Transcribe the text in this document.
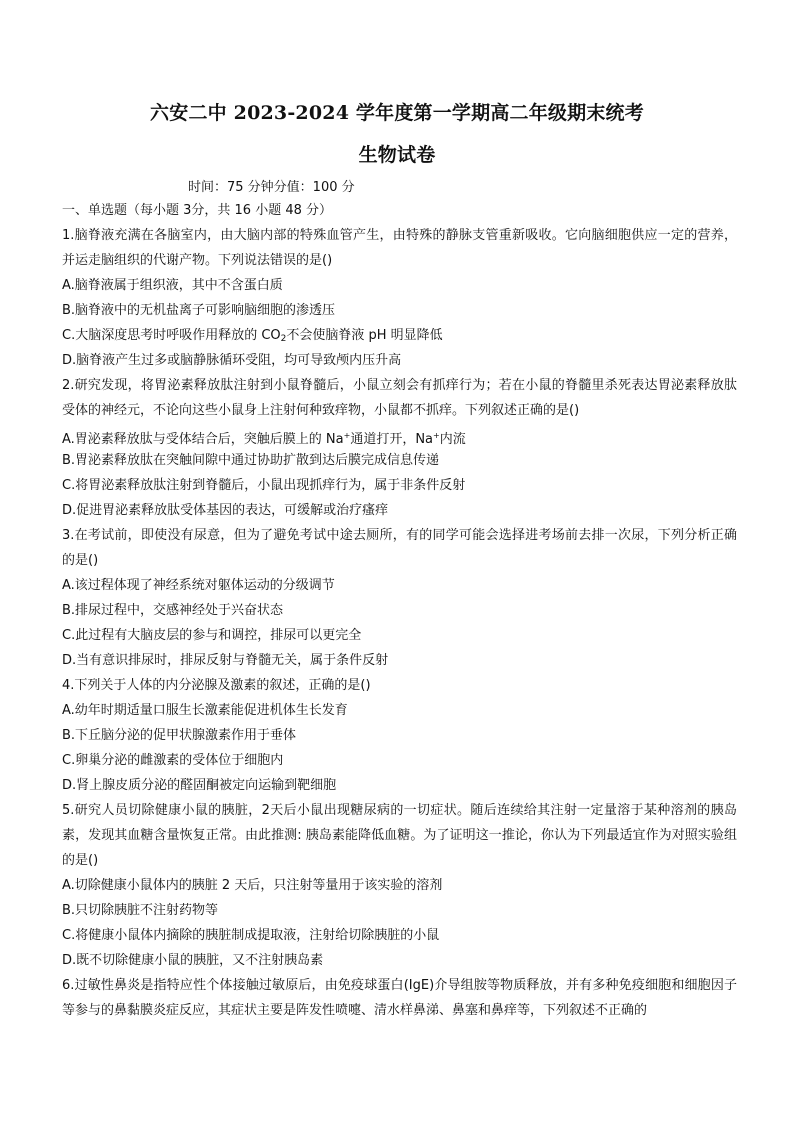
六安二中 2023-2024 学年度第一学期高二年级期末统考
生物试卷
时间：75 分钟分值：100 分
一、单选题（每小题 3分，共 16 小题 48 分）
1.脑脊液充满在各脑室内，由大脑内部的特殊血管产生，由特殊的静脉支管重新吸收。它向脑细胞供应一定的营养，并运走脑组织的代谢产物。下列说法错误的是()
A.脑脊液属于组织液，其中不含蛋白质
B.脑脊液中的无机盐离子可影响脑细胞的渗透压
C.大脑深度思考时呼吸作用释放的 $CO_2$不会使脑脊液 pH 明显降低
D.脑脊液产生过多或脑静脉循环受阻，均可导致颅内压升高
2.研究发现，将胃泌素释放肽注射到小鼠脊髓后，小鼠立刻会有抓痒行为；若在小鼠的脊髓里杀死表达胃泌素释放肽受体的神经元，不论向这些小鼠身上注射何种致痒物，小鼠都不抓痒。下列叙述正确的是()
A.胃泌素释放肽与受体结合后，突触后膜上的 Na+通道打开，Na+内流
B.胃泌素释放肽在突触间隙中通过协助扩散到达后膜完成信息传递
C.将胃泌素释放肽注射到脊髓后，小鼠出现抓痒行为，属于非条件反射
D.促进胃泌素释放肽受体基因的表达，可缓解或治疗瘙痒
3.在考试前，即使没有尿意，但为了避免考试中途去厕所，有的同学可能会选择进考场前去排一次尿，下列分析正确的是()
A.该过程体现了神经系统对躯体运动的分级调节
B.排尿过程中，交感神经处于兴奋状态
C.此过程有大脑皮层的参与和调控，排尿可以更完全
D.当有意识排尿时，排尿反射与脊髓无关，属于条件反射
4.下列关于人体的内分泌腺及激素的叙述，正确的是()
A.幼年时期适量口服生长激素能促进机体生长发育
B.下丘脑分泌的促甲状腺激素作用于垂体
C.卵巢分泌的雌激素的受体位于细胞内
D.肾上腺皮质分泌的醛固酮被定向运输到靶细胞
5.研究人员切除健康小鼠的胰脏，2天后小鼠出现糖尿病的一切症状。随后连续给其注射一定量溶于某种溶剂的胰岛素，发现其血糖含量恢复正常。由此推测: 胰岛素能降低血糖。为了证明这一推论，你认为下列最适宜作为对照实验组的是()
A.切除健康小鼠体内的胰脏 2 天后，只注射等量用于该实验的溶剂
B.只切除胰脏不注射药物等
C.将健康小鼠体内摘除的胰脏制成提取液，注射给切除胰脏的小鼠
D.既不切除健康小鼠的胰脏，又不注射胰岛素
6.过敏性鼻炎是指特应性个体接触过敏原后，由免疫球蛋白(IgE)介导组胺等物质释放，并有多种免疫细胞和细胞因子等参与的鼻黏膜炎症反应，其症状主要是阵发性喷嚏、清水样鼻涕、鼻塞和鼻痒等，下列叙述不正确的
